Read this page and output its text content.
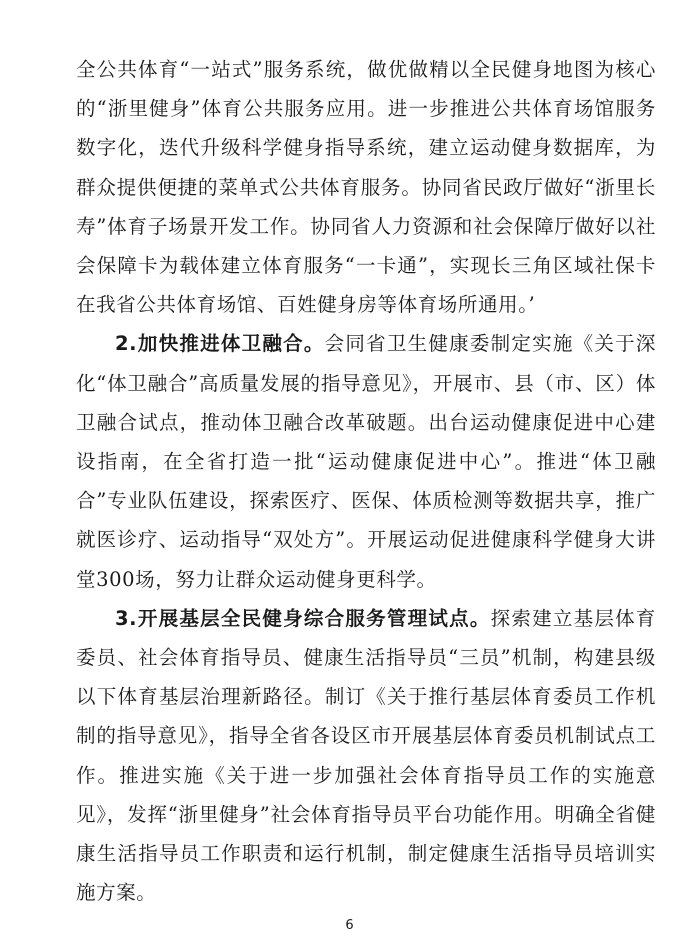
全公共体育“一站式”服务系统，做优做精以全民健身地图为核心的“浙里健身”体育公共服务应用。进一步推进公共体育场馆服务数字化，迭代升级科学健身指导系统，建立运动健身数据库，为群众提供便捷的菜单式公共体育服务。协同省民政厅做好“浙里长寿”体育子场景开发工作。协同省人力资源和社会保障厅做好以社会保障卡为载体建立体育服务“一卡通”，实现长三角区域社保卡在我省公共体育场馆、百姓健身房等体育场所通用。’

2.加快推进体卫融合。会同省卫生健康委制定实施《关于深化“体卫融合”高质量发展的指导意见》，开展市、县（市、区）体卫融合试点，推动体卫融合改革破题。出台运动健康促进中心建设指南，在全省打造一批“运动健康促进中心”。推进“体卫融合”专业队伍建设，探索医疗、医保、体质检测等数据共享，推广就医诊疗、运动指导“双处方”。开展运动促进健康科学健身大讲堂300场，努力让群众运动健身更科学。

3.开展基层全民健身综合服务管理试点。探索建立基层体育委员、社会体育指导员、健康生活指导员“三员”机制，构建县级以下体育基层治理新路径。制订《关于推行基层体育委员工作机制的指导意见》，指导全省各设区市开展基层体育委员机制试点工作。推进实施《关于进一步加强社会体育指导员工作的实施意见》，发挥“浙里健身”社会体育指导员平台功能作用。明确全省健康生活指导员工作职责和运行机制，制定健康生活指导员培训实施方案。

6
